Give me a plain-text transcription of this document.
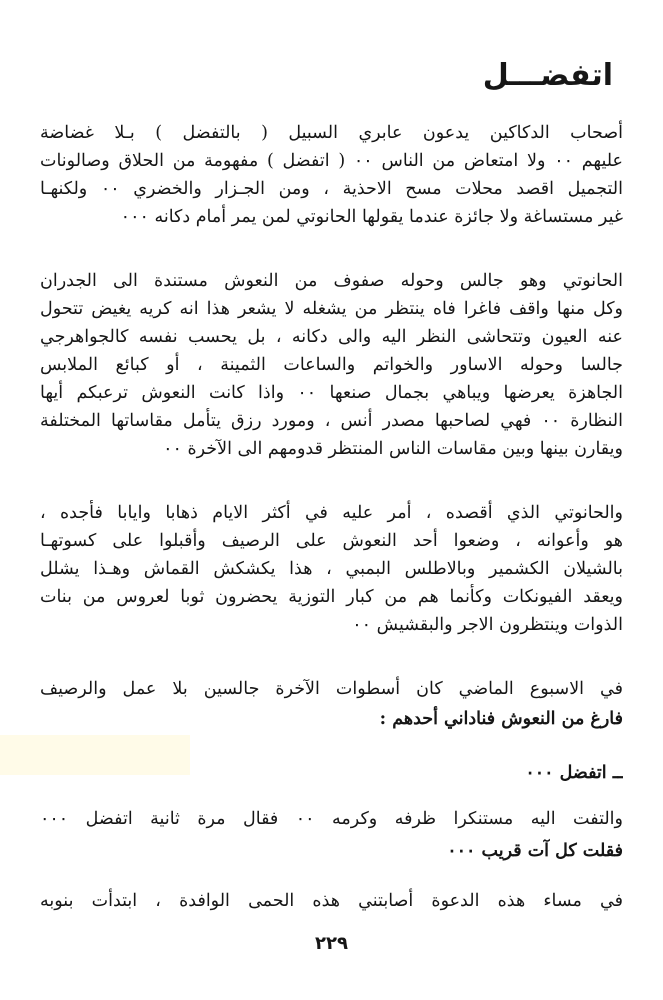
اتفضـــل
أصحاب الدكاكين يدعون عابري السبيل ( بالتفضل ) بـلا غضاضة
عليهم ٠٠ ولا امتعاض من الناس ٠٠ ( اتفضل ) مفهومة من الحلاق وصالونات
التجميل اقصد محلات مسح الاحذية ، ومن الجـزار والخضري ٠٠ ولكنهـا
غير مستساغة ولا جائزة عندما يقولها الحانوتي لمن يمر أمام دكانه ٠٠٠
الحانوتي وهو جالس وحوله صفوف من النعوش مستندة الى الجدران
وكل منها واقف فاغرا فاه ينتظر من يشغله لا يشعر هذا انه كريه يغيض تتحول
عنه العيون وتتحاشى النظر اليه والى دكانه ، بل يحسب نفسه كالجواهرجي
جالسا وحوله الاساور والخواتم والساعات الثمينة ، أو كبائع الملابس
الجاهزة يعرضها ويباهي بجمال صنعها ٠٠ واذا كانت النعوش ترعبكم أيها
النظارة ٠٠ فهي لصاحبها مصدر أنس ، ومورد رزق يتأمل مقاساتها المختلفة
ويقارن بينها وبين مقاسات الناس المنتظر قدومهم الى الآخرة ٠٠
والحانوتي الذي أقصده ، أمر عليه في أكثر الايام ذهابا وايابا فأجده ،
هو وأعوانه ، وضعوا أحد النعوش على الرصيف وأقبلوا على كسوتهـا
بالشيلان الكشمير وبالاطلس البمبي ، هذا يكشكش القماش وهـذا يشلل
ويعقد الفيونكات وكأنما هم من كبار التوزية يحضرون ثوبا لعروس من بنات
الذوات وينتظرون الاجر والبقشيش ٠٠
في الاسبوع الماضي كان أسطوات الآخرة جالسين بلا عمل والرصيف
فارغ من النعوش فناداني أحدهم :
ــ اتفضل ٠٠٠
والتفت اليه مستنكرا ظرفه وكرمه ٠٠ فقال مرة ثانية اتفضل ٠٠٠
فقلت كل آت قريب ٠٠٠
في مساء هذه الدعوة أصابتني هذه الحمى الوافدة ، ابتدأت بنوبه
٢٢٩
